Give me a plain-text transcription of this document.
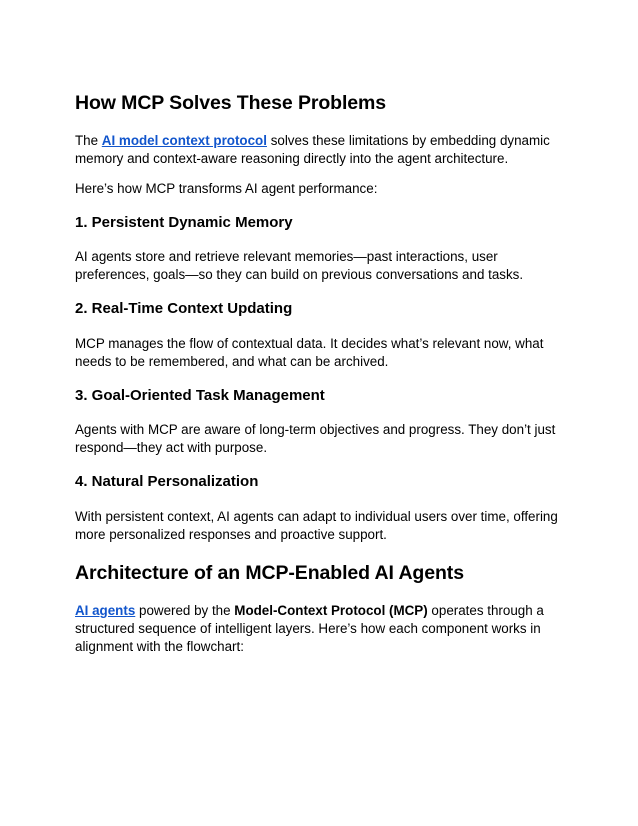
How MCP Solves These Problems

The AI model context protocol solves these limitations by embedding dynamic memory and context-aware reasoning directly into the agent architecture.

Here’s how MCP transforms AI agent performance:

1. Persistent Dynamic Memory

AI agents store and retrieve relevant memories—past interactions, user preferences, goals—so they can build on previous conversations and tasks.

2. Real-Time Context Updating

MCP manages the flow of contextual data. It decides what’s relevant now, what needs to be remembered, and what can be archived.

3. Goal-Oriented Task Management

Agents with MCP are aware of long-term objectives and progress. They don’t just respond—they act with purpose.

4. Natural Personalization

With persistent context, AI agents can adapt to individual users over time, offering more personalized responses and proactive support.

Architecture of an MCP-Enabled AI Agents

AI agents powered by the Model-Context Protocol (MCP) operates through a structured sequence of intelligent layers. Here’s how each component works in alignment with the flowchart:
